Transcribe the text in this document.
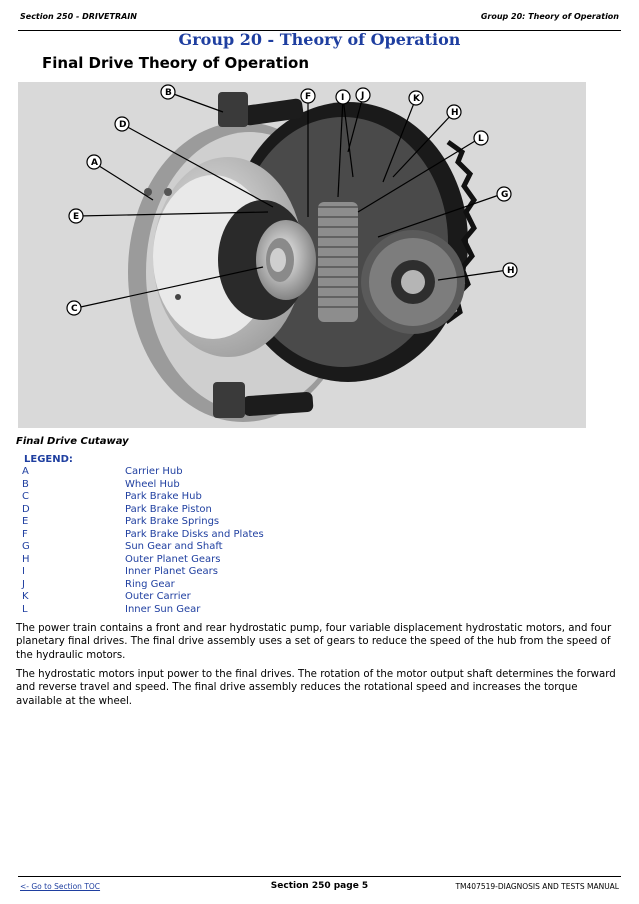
Section 250 - DRIVETRAIN	Group 20: Theory of Operation
Group 20 - Theory of Operation
Final Drive Theory of Operation
B
D
A
E
C
F	I J	K
H
L
G
H
Final Drive Cutaway
LEGEND:
A	Carrier Hub
B	Wheel Hub
C	Park Brake Hub
D	Park Brake Piston
E	Park Brake Springs
F	Park Brake Disks and Plates
G	Sun Gear and Shaft
H	Outer Planet Gears
I	Inner Planet Gears
J	Ring Gear
K	Outer Carrier
L	Inner Sun Gear
The power train contains a front and rear hydrostatic pump, four variable displacement hydrostatic motors, and four planetary final drives. The final drive assembly uses a set of gears to reduce the speed of the hub from the speed of the hydraulic motors.
The hydrostatic motors input power to the final drives. The rotation of the motor output shaft determines the forward and reverse travel and speed. The final drive assembly reduces the rotational speed and increases the torque available at the wheel.
<- Go to Section TOC	Section 250 page 5	TM407519-DIAGNOSIS AND TESTS MANUAL
